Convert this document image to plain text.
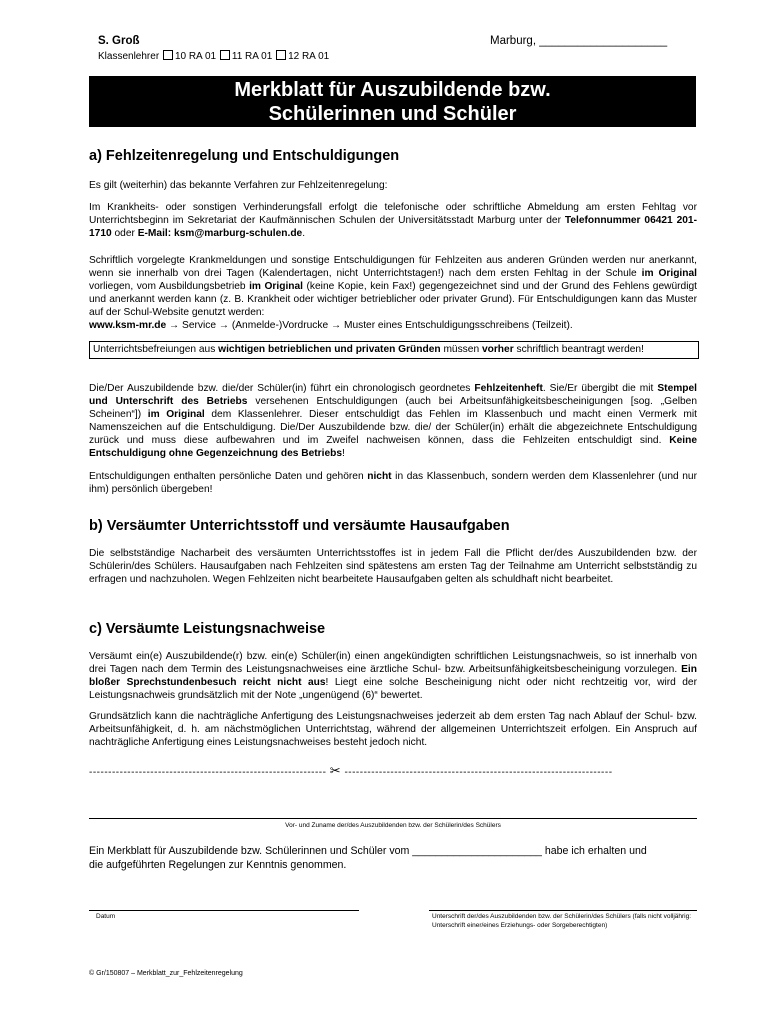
S. Groß
Klassenlehrer 10 RA 01 11 RA 01 12 RA 01
Marburg, ____________________
Merkblatt für Auszubildende bzw.
Schülerinnen und Schüler
a) Fehlzeitenregelung und Entschuldigungen
Es gilt (weiterhin) das bekannte Verfahren zur Fehlzeitenregelung:
Im Krankheits- oder sonstigen Verhinderungsfall erfolgt die telefonische oder schriftliche Abmeldung am ersten Fehltag vor Unterrichtsbeginn im Sekretariat der Kaufmännischen Schulen der Universitätsstadt Marburg unter der Telefonnummer 06421 201-1710 oder E-Mail: ksm@marburg-schulen.de.
Schriftlich vorgelegte Krankmeldungen und sonstige Entschuldigungen für Fehlzeiten aus anderen Gründen werden nur anerkannt, wenn sie innerhalb von drei Tagen (Kalendertagen, nicht Unterrichtstagen!) nach dem ersten Fehltag in der Schule im Original vorliegen, vom Ausbildungsbetrieb im Original (keine Kopie, kein Fax!) gegengezeichnet sind und der Grund des Fehlens gewürdigt und anerkannt werden kann (z. B. Krankheit oder wichtiger betrieblicher oder privater Grund). Für Entschuldigungen kann das Muster auf der Schul-Website genutzt werden:
www.ksm-mr.de → Service → (Anmelde-)Vordrucke → Muster eines Entschuldigungsschreibens (Teilzeit).
Unterrichtsbefreiungen aus wichtigen betrieblichen und privaten Gründen müssen vorher schriftlich beantragt werden!
Die/Der Auszubildende bzw. die/der Schüler(in) führt ein chronologisch geordnetes Fehlzeitenheft. Sie/Er übergibt die mit Stempel und Unterschrift des Betriebs versehenen Entschuldigungen (auch bei Arbeitsunfähigkeitsbescheinigungen [sog. „Gelben Scheinen“]) im Original dem Klassenlehrer. Dieser entschuldigt das Fehlen im Klassenbuch und macht einen Vermerk mit Namenszeichen auf die Entschuldigung. Die/Der Auszubildende bzw. die/ der Schüler(in) erhält die abgezeichnete Entschuldigung zurück und muss diese aufbewahren und im Zweifel nachweisen können, dass die Fehlzeiten entschuldigt sind. Keine Entschuldigung ohne Gegenzeichnung des Betriebs!
Entschuldigungen enthalten persönliche Daten und gehören nicht in das Klassenbuch, sondern werden dem Klassenlehrer (und nur ihm) persönlich übergeben!
b) Versäumter Unterrichtsstoff und versäumte Hausaufgaben
Die selbstständige Nacharbeit des versäumten Unterrichtsstoffes ist in jedem Fall die Pflicht der/des Auszubildenden bzw. der Schülerin/des Schülers. Hausaufgaben nach Fehlzeiten sind spätestens am ersten Tag der Teilnahme am Unterricht selbstständig zu erfragen und nachzuholen. Wegen Fehlzeiten nicht bearbeitete Hausaufgaben gelten als schuldhaft nicht bearbeitet.
c) Versäumte Leistungsnachweise
Versäumt ein(e) Auszubildende(r) bzw. ein(e) Schüler(in) einen angekündigten schriftlichen Leistungsnachweis, so ist innerhalb von drei Tagen nach dem Termin des Leistungsnachweises eine ärztliche Schul- bzw. Arbeitsunfähigkeitsbescheinigung vorzulegen. Ein bloßer Sprechstundenbesuch reicht nicht aus! Liegt eine solche Bescheinigung nicht oder nicht rechtzeitig vor, wird der Leistungsnachweis grundsätzlich mit der Note „ungenügend (6)“ bewertet.
Grundsätzlich kann die nachträgliche Anfertigung des Leistungsnachweises jederzeit ab dem ersten Tag nach Ablauf der Schul- bzw. Arbeitsunfähigkeit, d. h. am nächstmöglichen Unterrichtstag, während der allgemeinen Unterrichtszeit erfolgen. Ein Anspruch auf nachträgliche Anfertigung eines Leistungsnachweises besteht jedoch nicht.
-------------------------------------------------------------- ✂ ----------------------------------------------------------------------
Vor- und Zuname der/des Auszubildenden bzw. der Schülerin/des Schülers
Ein Merkblatt für Auszubildende bzw. Schülerinnen und Schüler vom ______________________ habe ich erhalten und
die aufgeführten Regelungen zur Kenntnis genommen.
Datum	Unterschrift der/des Auszubildenden bzw. der Schülerin/des Schülers (falls nicht volljährig: Unterschrift einer/eines Erziehungs- oder Sorgeberechtigten)
© Gr/150807 – Merkblatt_zur_Fehlzeitenregelung
